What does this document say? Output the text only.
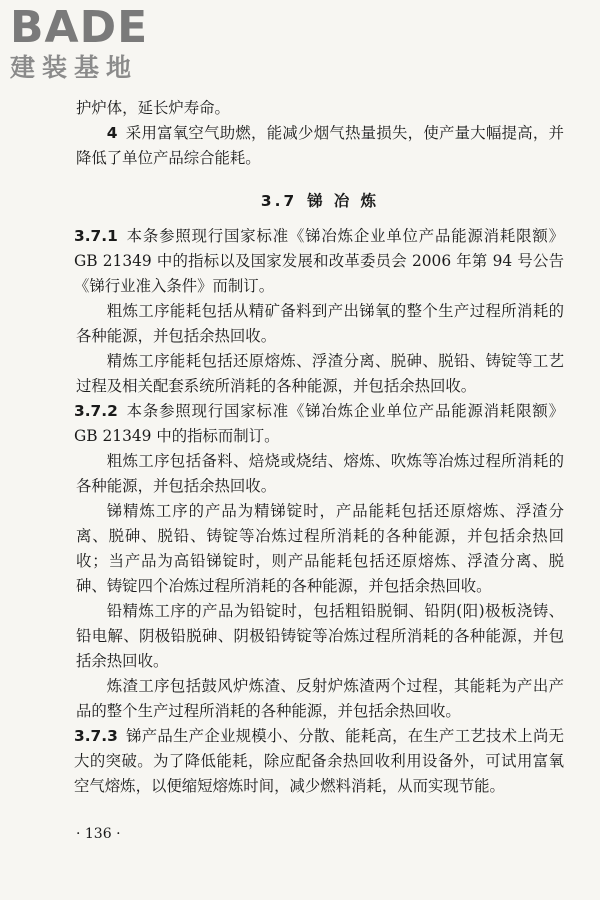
BADE
建装基地

护炉体，延长炉寿命。

4 采用富氧空气助燃，能减少烟气热量损失，使产量大幅提高，并降低了单位产品综合能耗。

3.7 锑 冶 炼

3.7.1 本条参照现行国家标准《锑冶炼企业单位产品能源消耗限额》GB 21349 中的指标以及国家发展和改革委员会 2006 年第 94 号公告《锑行业准入条件》而制订。

粗炼工序能耗包括从精矿备料到产出锑氧的整个生产过程所消耗的各种能源，并包括余热回收。

精炼工序能耗包括还原熔炼、浮渣分离、脱砷、脱铅、铸锭等工艺过程及相关配套系统所消耗的各种能源，并包括余热回收。

3.7.2 本条参照现行国家标准《锑冶炼企业单位产品能源消耗限额》GB 21349 中的指标而制订。

粗炼工序包括备料、焙烧或烧结、熔炼、吹炼等冶炼过程所消耗的各种能源，并包括余热回收。

锑精炼工序的产品为精锑锭时，产品能耗包括还原熔炼、浮渣分离、脱砷、脱铅、铸锭等冶炼过程所消耗的各种能源，并包括余热回收；当产品为高铅锑锭时，则产品能耗包括还原熔炼、浮渣分离、脱砷、铸锭四个冶炼过程所消耗的各种能源，并包括余热回收。

铅精炼工序的产品为铅锭时，包括粗铅脱铜、铅阴(阳)极板浇铸、铅电解、阴极铅脱砷、阴极铅铸锭等冶炼过程所消耗的各种能源，并包括余热回收。

炼渣工序包括鼓风炉炼渣、反射炉炼渣两个过程，其能耗为产出产品的整个生产过程所消耗的各种能源，并包括余热回收。

3.7.3 锑产品生产企业规模小、分散、能耗高，在生产工艺技术上尚无大的突破。为了降低能耗，除应配备余热回收利用设备外，可试用富氧空气熔炼，以便缩短熔炼时间，减少燃料消耗，从而实现节能。

· 136 ·
